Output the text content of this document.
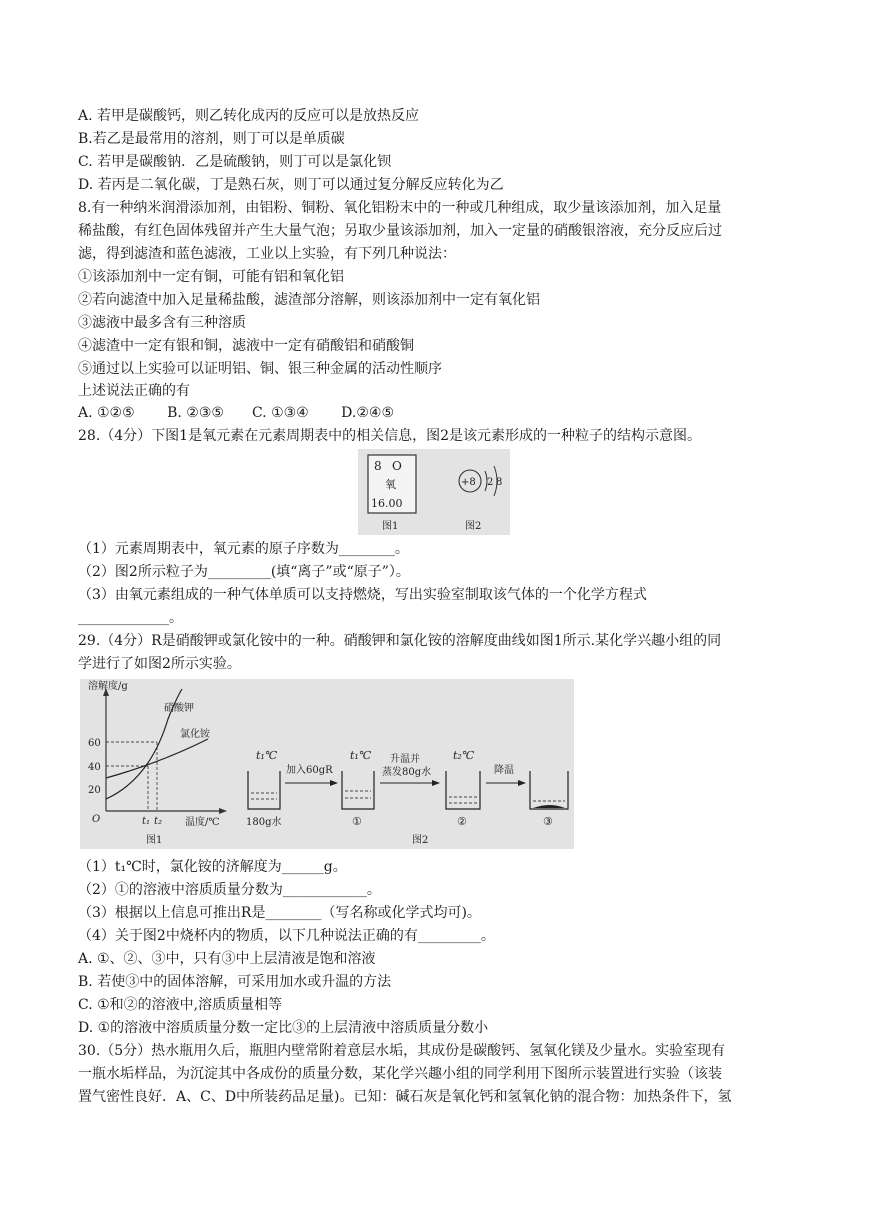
A. 若甲是碳酸钙，则乙转化成丙的反应可以是放热反应
B.若乙是最常用的溶剂，则丁可以是单质碳
C. 若甲是碳酸钠．乙是硫酸钠，则丁可以是氯化钡
D. 若丙是二氧化碳，丁是熟石灰，则丁可以通过复分解反应转化为乙
8.有一种纳米润滑添加剂，由铝粉、铜粉、氧化铝粉末中的一种或几种组成，取少量该添加剂，加入足量
稀盐酸，有红色固体残留并产生大量气泡；另取少量该添加剂，加入一定量的硝酸银溶液，充分反应后过
滤，得到滤渣和蓝色滤液，工业以上实验，有下列几种说法：
①该添加剂中一定有铜，可能有铝和氧化铝
②若向滤渣中加入足量稀盐酸，滤渣部分溶解，则该添加剂中一定有氧化铝
③滤液中最多含有三种溶质
④滤渣中一定有银和铜，滤液中一定有硝酸铝和硝酸铜
⑤通过以上实验可以证明铝、铜、银三种金属的活动性顺序
上述说法正确的有
A. ①②⑤　　 B. ②③⑤　　C. ①③④　　 D.②④⑤
28.（4分）下图1是氧元素在元素周期表中的相关信息，图2是该元素形成的一种粒子的结构示意图。
8 O
氧
16.00
图1
+8 2 8
图2
（1）元素周期表中，氧元素的原子序数为________。
（2）图2所示粒子为_________(填“离子”或“原子”）。
（3）由氧元素组成的一种气体单质可以支持燃烧，写出实验室制取该气体的一个化学方程式
_____________。
29.（4分）R是硝酸钾或氯化铵中的一种。硝酸钾和氯化铵的溶解度曲线如图1所示.某化学兴趣小组的同
学进行了如图2所示实验。
溶解度/g
温度/℃
O
60
40
20
硝酸钾
氯化铵
t₁ t₂
图1
t₁℃	t₁℃	t₂℃
180g水
加入60gR
①
升温并
蒸发80g水
②
降温
③
图2
（1）t₁℃时，氯化铵的济解度为______g。
（2）①的溶液中溶质质量分数为____________。
（3）根据以上信息可推出R是________（写名称或化学式均可)。
（4）关于图2中烧杯内的物质，以下几种说法正确的有_________。
A. ①、②、③中，只有③中上层清液是饱和溶液
B. 若使③中的固体溶解，可采用加水或升温的方法
C. ①和②的溶液中,溶质质量相等
D. ①的溶液中溶质质量分数一定比③的上层清液中溶质质量分数小
30.（5分）热水瓶用久后，瓶胆内壁常附着意层水垢，其成份是碳酸钙、氢氧化镁及少量水。实验室现有
一瓶水垢样品，为沉淀其中各成份的质量分数，某化学兴趣小组的同学利用下图所示装置进行实验（该装
置气密性良好．A、C、D中所装药品足量)。已知：碱石灰是氧化钙和氢氧化钠的混合物：加热条件下，氢
